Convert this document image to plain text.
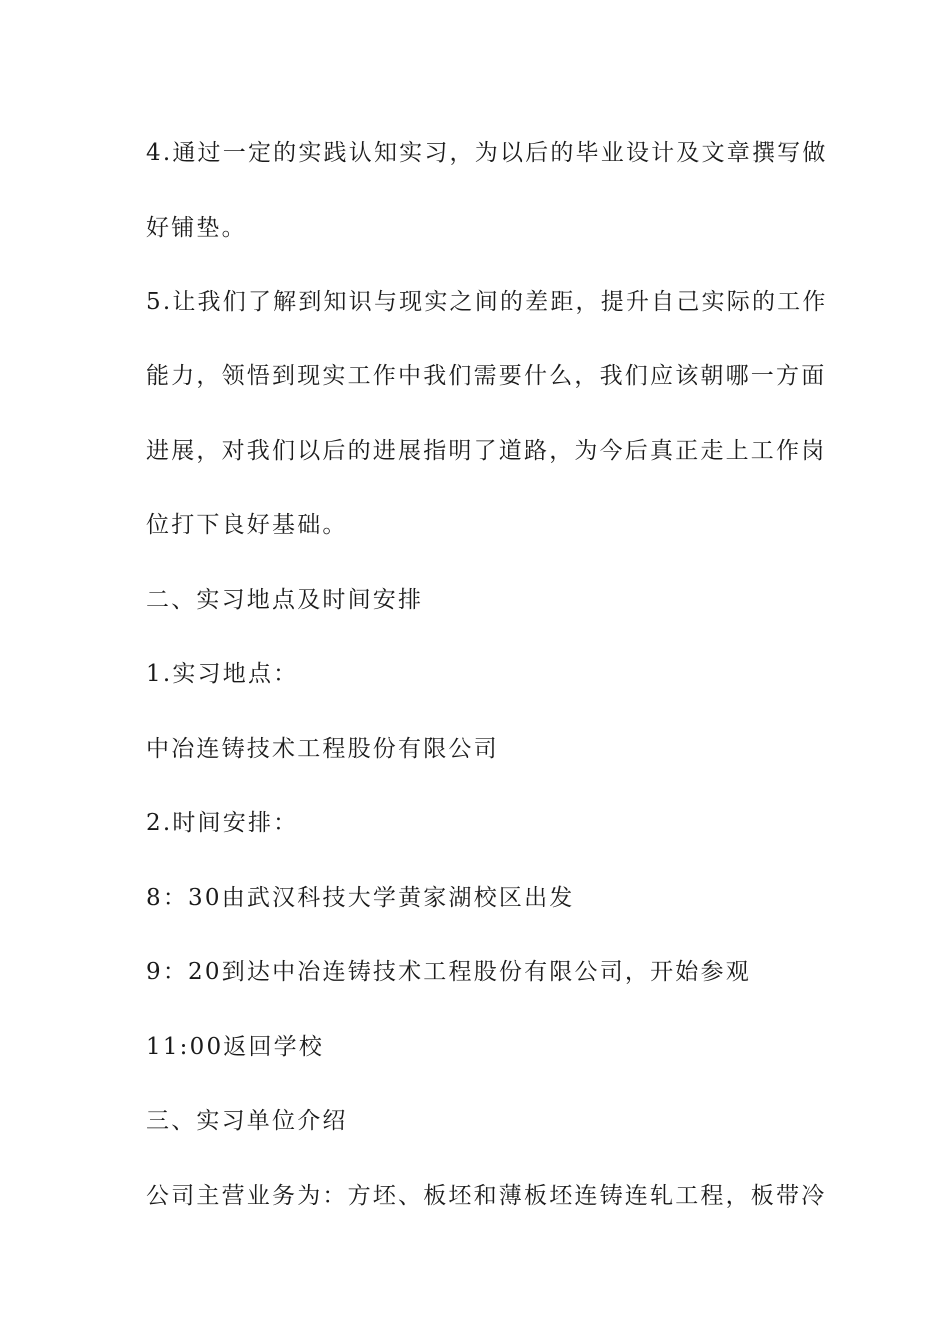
4.通过一定的实践认知实习，为以后的毕业设计及文章撰写做

好铺垫。

5.让我们了解到知识与现实之间的差距，提升自己实际的工作

能力，领悟到现实工作中我们需要什么，我们应该朝哪一方面

进展，对我们以后的进展指明了道路，为今后真正走上工作岗

位打下良好基础。

二、实习地点及时间安排

1.实习地点：

中冶连铸技术工程股份有限公司

2.时间安排：

8：30由武汉科技大学黄家湖校区出发

9：20到达中冶连铸技术工程股份有限公司，开始参观

11:00返回学校

三、实习单位介绍

公司主营业务为：方坯、板坯和薄板坯连铸连轧工程，板带冷
